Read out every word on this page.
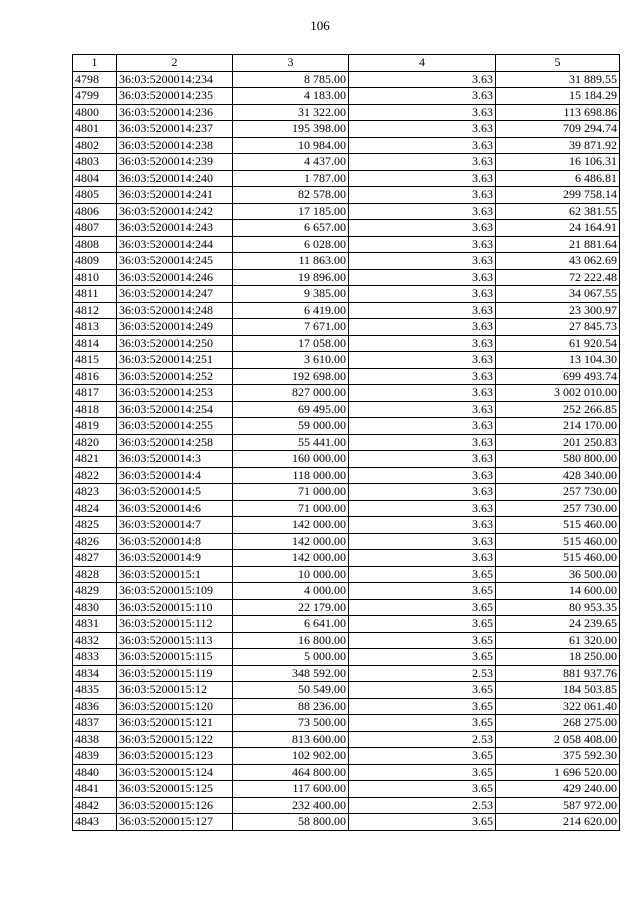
106
1	2	3	4	5
4798	36:03:5200014:234	8 785.00	3.63	31 889.55
4799	36:03:5200014:235	4 183.00	3.63	15 184.29
4800	36:03:5200014:236	31 322.00	3.63	113 698.86
4801	36:03:5200014:237	195 398.00	3.63	709 294.74
4802	36:03:5200014:238	10 984.00	3.63	39 871.92
4803	36:03:5200014:239	4 437.00	3.63	16 106.31
4804	36:03:5200014:240	1 787.00	3.63	6 486.81
4805	36:03:5200014:241	82 578.00	3.63	299 758.14
4806	36:03:5200014:242	17 185.00	3.63	62 381.55
4807	36:03:5200014:243	6 657.00	3.63	24 164.91
4808	36:03:5200014:244	6 028.00	3.63	21 881.64
4809	36:03:5200014:245	11 863.00	3.63	43 062.69
4810	36:03:5200014:246	19 896.00	3.63	72 222.48
4811	36:03:5200014:247	9 385.00	3.63	34 067.55
4812	36:03:5200014:248	6 419.00	3.63	23 300.97
4813	36:03:5200014:249	7 671.00	3.63	27 845.73
4814	36:03:5200014:250	17 058.00	3.63	61 920.54
4815	36:03:5200014:251	3 610.00	3.63	13 104.30
4816	36:03:5200014:252	192 698.00	3.63	699 493.74
4817	36:03:5200014:253	827 000.00	3.63	3 002 010.00
4818	36:03:5200014:254	69 495.00	3.63	252 266.85
4819	36:03:5200014:255	59 000.00	3.63	214 170.00
4820	36:03:5200014:258	55 441.00	3.63	201 250.83
4821	36:03:5200014:3	160 000.00	3.63	580 800.00
4822	36:03:5200014:4	118 000.00	3.63	428 340.00
4823	36:03:5200014:5	71 000.00	3.63	257 730.00
4824	36:03:5200014:6	71 000.00	3.63	257 730.00
4825	36:03:5200014:7	142 000.00	3.63	515 460.00
4826	36:03:5200014:8	142 000.00	3.63	515 460.00
4827	36:03:5200014:9	142 000.00	3.63	515 460.00
4828	36:03:5200015:1	10 000.00	3.65	36 500.00
4829	36:03:5200015:109	4 000.00	3.65	14 600.00
4830	36:03:5200015:110	22 179.00	3.65	80 953.35
4831	36:03:5200015:112	6 641.00	3.65	24 239.65
4832	36:03:5200015:113	16 800.00	3.65	61 320.00
4833	36:03:5200015:115	5 000.00	3.65	18 250.00
4834	36:03:5200015:119	348 592.00	2.53	881 937.76
4835	36:03:5200015:12	50 549.00	3.65	184 503.85
4836	36:03:5200015:120	88 236.00	3.65	322 061.40
4837	36:03:5200015:121	73 500.00	3.65	268 275.00
4838	36:03:5200015:122	813 600.00	2.53	2 058 408.00
4839	36:03:5200015:123	102 902.00	3.65	375 592.30
4840	36:03:5200015:124	464 800.00	3.65	1 696 520.00
4841	36:03:5200015:125	117 600.00	3.65	429 240.00
4842	36:03:5200015:126	232 400.00	2.53	587 972.00
4843	36:03:5200015:127	58 800.00	3.65	214 620.00
